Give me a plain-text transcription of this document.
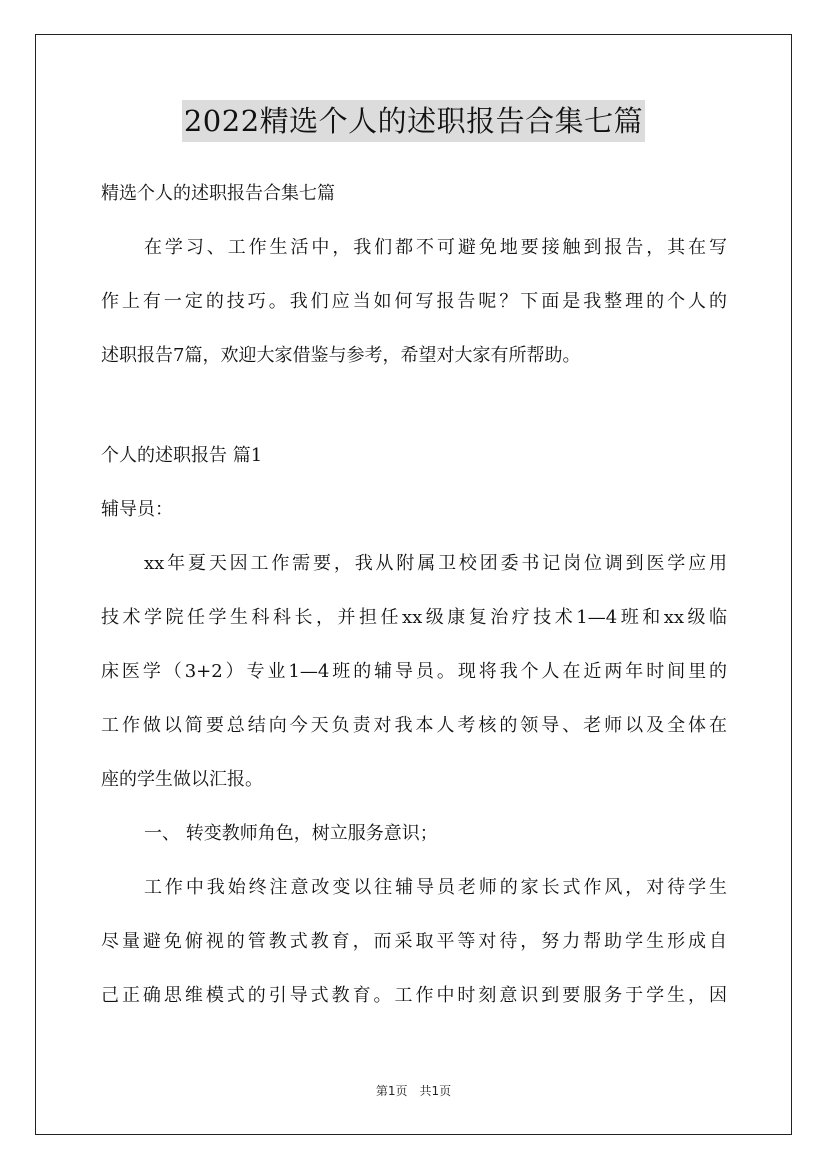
2022精选个人的述职报告合集七篇
精选个人的述职报告合集七篇
在学习、工作生活中，我们都不可避免地要接触到报告，其在写
作上有一定的技巧。我们应当如何写报告呢？下面是我整理的个人的
述职报告7篇，欢迎大家借鉴与参考，希望对大家有所帮助。
个人的述职报告 篇1
辅导员：
xx年夏天因工作需要，我从附属卫校团委书记岗位调到医学应用
技术学院任学生科科长，并担任xx级康复治疗技术1—4班和xx级临
床医学（3+2）专业1—4班的辅导员。现将我个人在近两年时间里的
工作做以简要总结向今天负责对我本人考核的领导、老师以及全体在
座的学生做以汇报。
一、 转变教师角色，树立服务意识；
工作中我始终注意改变以往辅导员老师的家长式作风，对待学生
尽量避免俯视的管教式教育，而采取平等对待，努力帮助学生形成自
己正确思维模式的引导式教育。工作中时刻意识到要服务于学生，因
第1页　共1页
